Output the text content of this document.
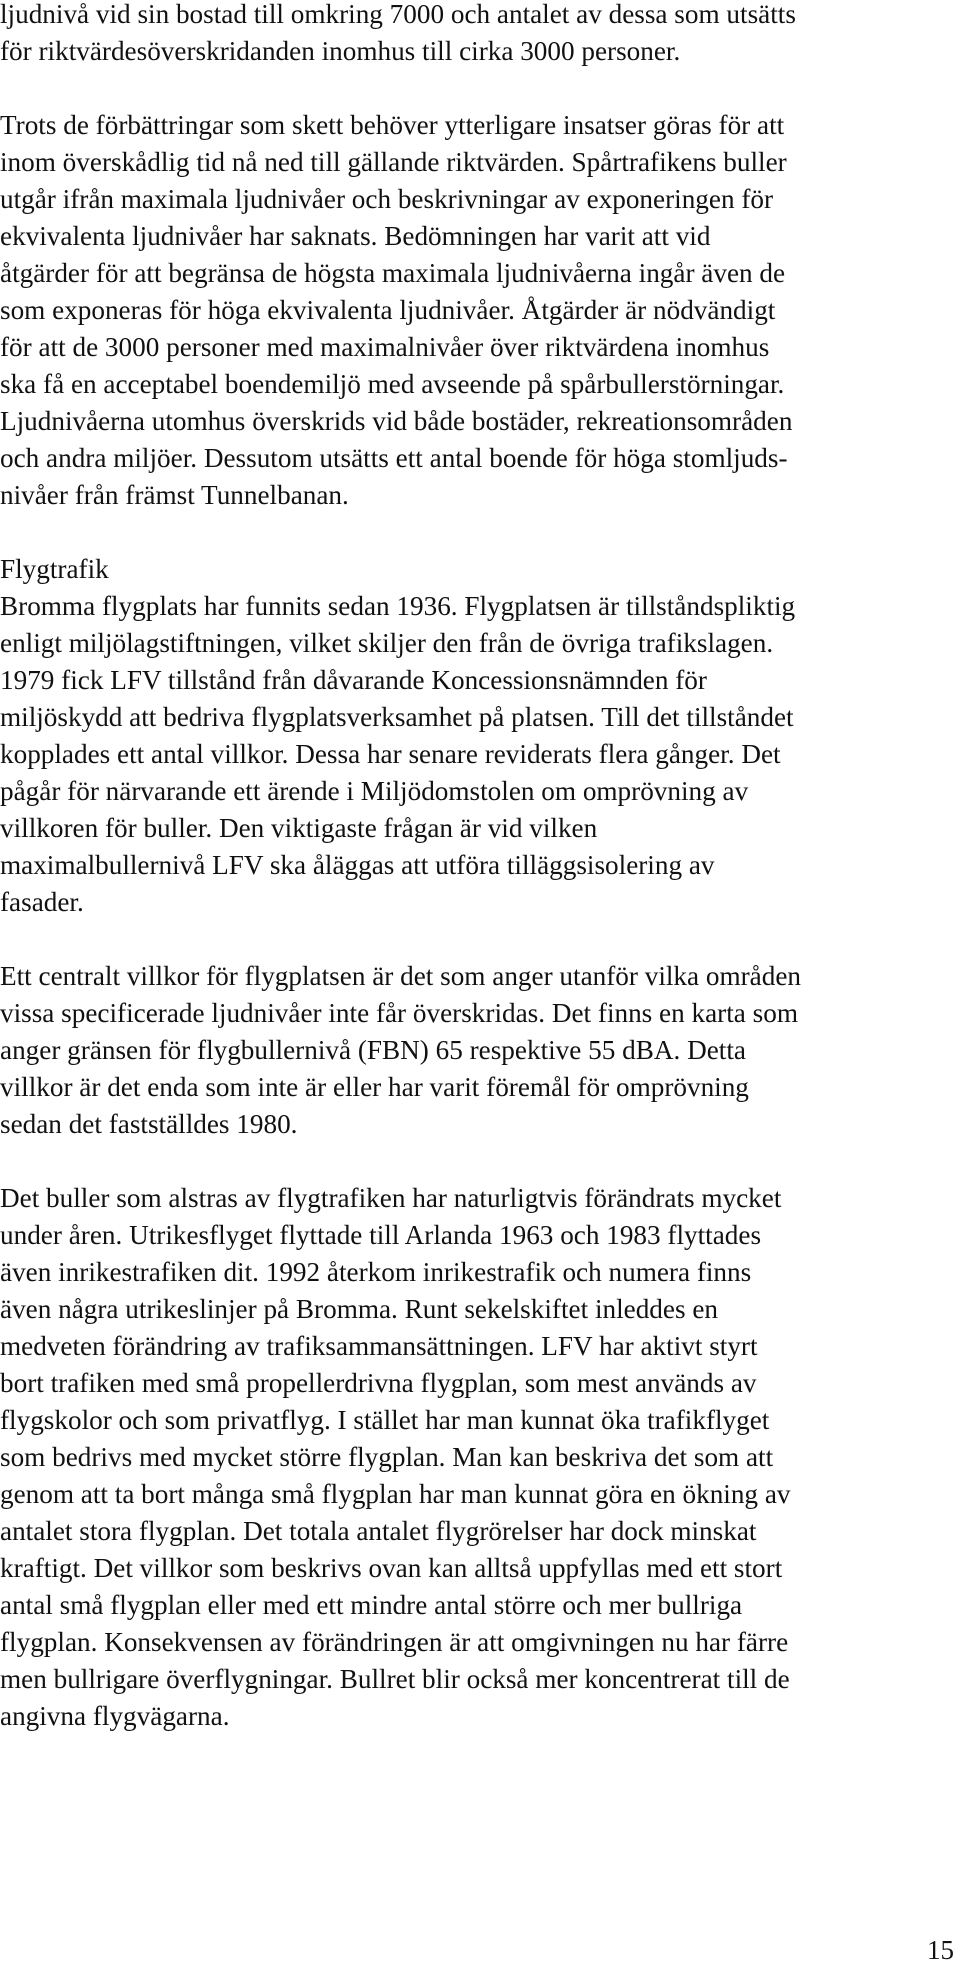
ljudnivå vid sin bostad till omkring 7000 och antalet av dessa som utsätts
för riktvärdesöverskridanden inomhus till cirka 3000 personer.
Trots de förbättringar som skett behöver ytterligare insatser göras för att
inom överskådlig tid nå ned till gällande riktvärden. Spårtrafikens buller
utgår ifrån maximala ljudnivåer och beskrivningar av exponeringen för
ekvivalenta ljudnivåer har saknats. Bedömningen har varit att vid
åtgärder för att begränsa de högsta maximala ljudnivåerna ingår även de
som exponeras för höga ekvivalenta ljudnivåer. Åtgärder är nödvändigt
för att de 3000 personer med maximalnivåer över riktvärdena inomhus
ska få en acceptabel boendemiljö med avseende på spårbullerstörningar.
Ljudnivåerna utomhus överskrids vid både bostäder, rekreationsområden
och andra miljöer. Dessutom utsätts ett antal boende för höga stomljuds-
nivåer från främst Tunnelbanan.
Flygtrafik
Bromma flygplats har funnits sedan 1936. Flygplatsen är tillståndspliktig
enligt miljölagstiftningen, vilket skiljer den från de övriga trafikslagen.
1979 fick LFV tillstånd från dåvarande Koncessionsnämnden för
miljöskydd att bedriva flygplatsverksamhet på platsen. Till det tillståndet
kopplades ett antal villkor. Dessa har senare reviderats flera gånger. Det
pågår för närvarande ett ärende i Miljödomstolen om omprövning av
villkoren för buller. Den viktigaste frågan är vid vilken
maximalbullernivå LFV ska åläggas att utföra tilläggsisolering av
fasader.
Ett centralt villkor för flygplatsen är det som anger utanför vilka områden
vissa specificerade ljudnivåer inte får överskridas. Det finns en karta som
anger gränsen för flygbullernivå (FBN) 65 respektive 55 dBA. Detta
villkor är det enda som inte är eller har varit föremål för omprövning
sedan det fastställdes 1980.
Det buller som alstras av flygtrafiken har naturligtvis förändrats mycket
under åren. Utrikesflyget flyttade till Arlanda 1963 och 1983 flyttades
även inrikestrafiken dit. 1992 återkom inrikestrafik och numera finns
även några utrikeslinjer på Bromma. Runt sekelskiftet inleddes en
medveten förändring av trafiksammansättningen. LFV har aktivt styrt
bort trafiken med små propellerdrivna flygplan, som mest används av
flygskolor och som privatflyg. I stället har man kunnat öka trafikflyget
som bedrivs med mycket större flygplan. Man kan beskriva det som att
genom att ta bort många små flygplan har man kunnat göra en ökning av
antalet stora flygplan. Det totala antalet flygrörelser har dock minskat
kraftigt. Det villkor som beskrivs ovan kan alltså uppfyllas med ett stort
antal små flygplan eller med ett mindre antal större och mer bullriga
flygplan. Konsekvensen av förändringen är att omgivningen nu har färre
men bullrigare överflygningar. Bullret blir också mer koncentrerat till de
angivna flygvägarna.
15
